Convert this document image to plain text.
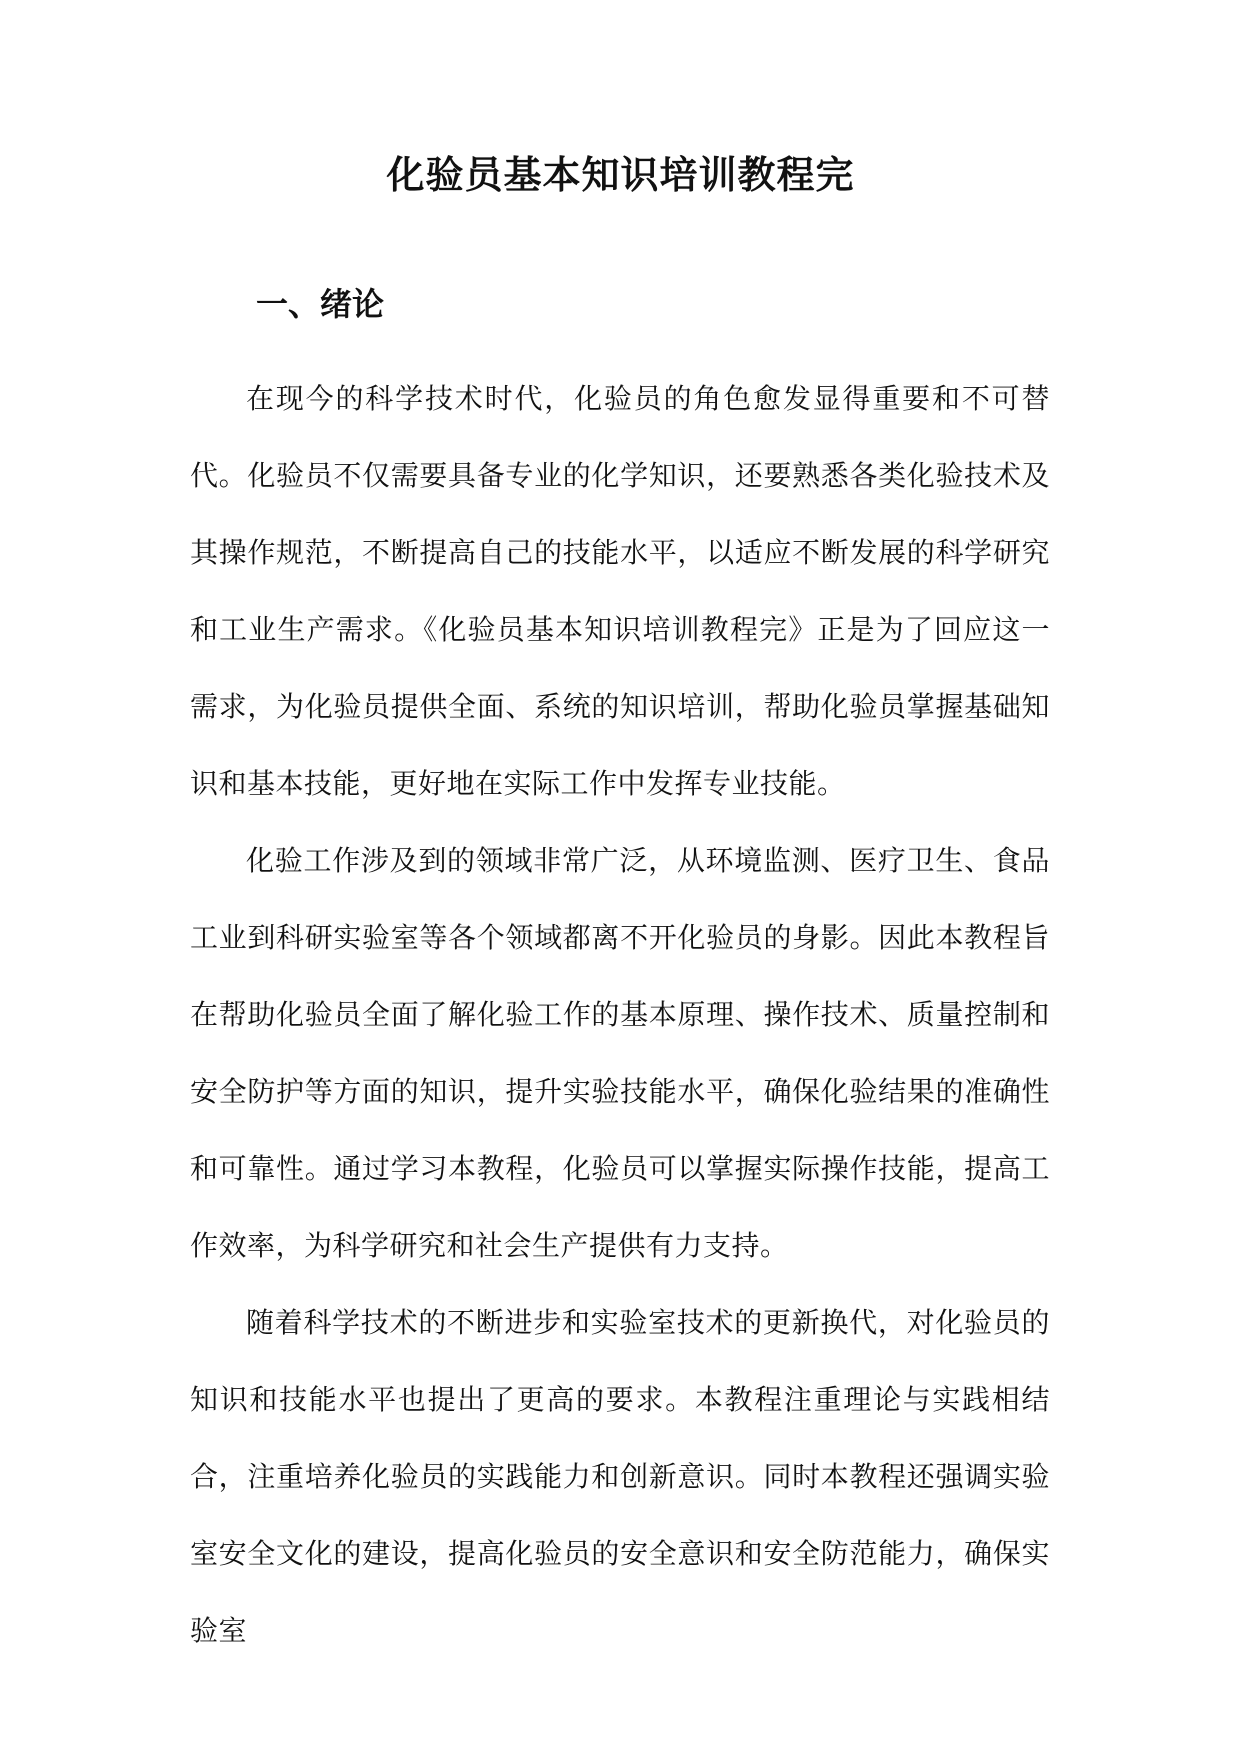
化验员基本知识培训教程完
一、绪论

在现今的科学技术时代，化验员的角色愈发显得重要和不可替代。化验员不仅需要具备专业的化学知识，还要熟悉各类化验技术及其操作规范，不断提高自己的技能水平，以适应不断发展的科学研究和工业生产需求。《化验员基本知识培训教程完》正是为了回应这一需求，为化验员提供全面、系统的知识培训，帮助化验员掌握基础知识和基本技能，更好地在实际工作中发挥专业技能。

化验工作涉及到的领域非常广泛，从环境监测、医疗卫生、食品工业到科研实验室等各个领域都离不开化验员的身影。因此本教程旨在帮助化验员全面了解化验工作的基本原理、操作技术、质量控制和安全防护等方面的知识，提升实验技能水平，确保化验结果的准确性和可靠性。通过学习本教程，化验员可以掌握实际操作技能，提高工作效率，为科学研究和社会生产提供有力支持。

随着科学技术的不断进步和实验室技术的更新换代，对化验员的知识和技能水平也提出了更高的要求。本教程注重理论与实践相结合，注重培养化验员的实践能力和创新意识。同时本教程还强调实验室安全文化的建设，提高化验员的安全意识和安全防范能力，确保实验室
